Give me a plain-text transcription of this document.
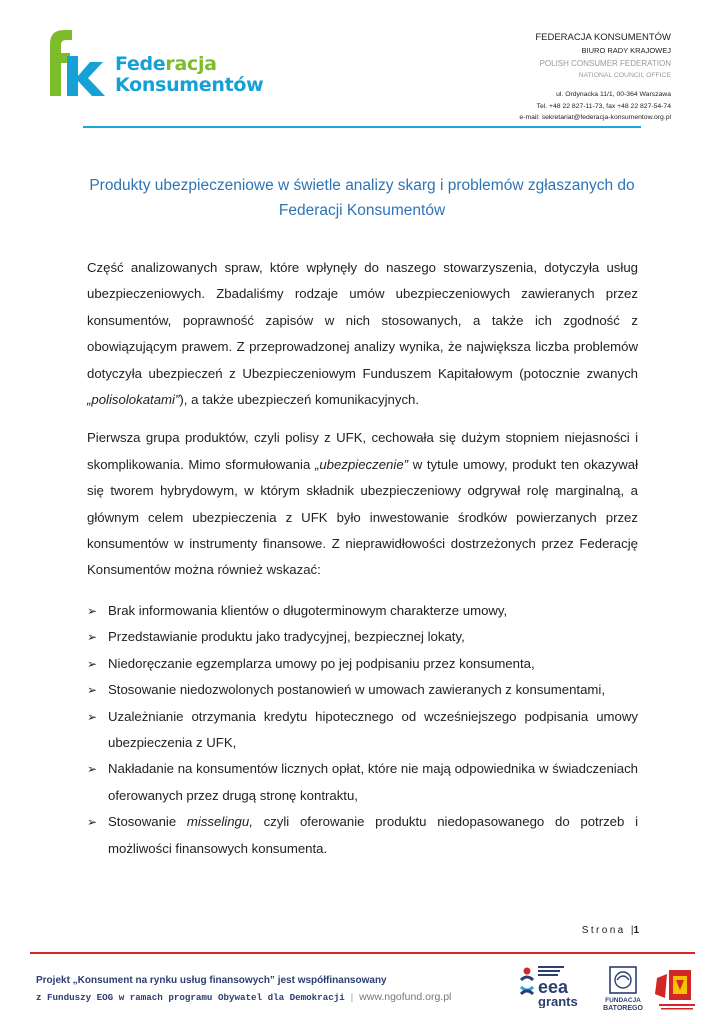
Federacja
Konsumentów
FEDERACJA KONSUMENTÓW
BIURO RADY KRAJOWEJ
POLISH CONSUMER FEDERATION
NATIONAL COUNCIL OFFICE
ul. Ordynacka 11/1, 00-364 Warszawa
Tel. +48 22 827-11-73, fax +48 22 827-54-74
e-mail: sekretariat@federacja-konsumentow.org.pl
Produkty ubezpieczeniowe w świetle analizy skarg i problemów zgłaszanych do Federacji Konsumentów

Część analizowanych spraw, które wpłynęły do naszego stowarzyszenia, dotyczyła usług ubezpieczeniowych. Zbadaliśmy rodzaje umów ubezpieczeniowych zawieranych przez konsumentów, poprawność zapisów w nich stosowanych, a także ich zgodność z obowiązującym prawem. Z przeprowadzonej analizy wynika, że największa liczba problemów dotyczyła ubezpieczeń z Ubezpieczeniowym Funduszem Kapitałowym (potocznie zwanych „polisolokatami”), a także ubezpieczeń komunikacyjnych.

Pierwsza grupa produktów, czyli polisy z UFK, cechowała się dużym stopniem niejasności i skomplikowania. Mimo sformułowania „ubezpieczenie” w tytule umowy, produkt ten okazywał się tworem hybrydowym, w którym składnik ubezpieczeniowy odgrywał rolę marginalną, a głównym celem ubezpieczenia z UFK było inwestowanie środków powierzanych przez konsumentów w instrumenty finansowe. Z nieprawidłowości dostrzeżonych przez Federację Konsumentów można również wskazać:

➢ Brak informowania klientów o długoterminowym charakterze umowy,
➢ Przedstawianie produktu jako tradycyjnej, bezpiecznej lokaty,
➢ Niedoręczanie egzemplarza umowy po jej podpisaniu przez konsumenta,
➢ Stosowanie niedozwolonych postanowień w umowach zawieranych z konsumentami,
➢ Uzależnianie otrzymania kredytu hipotecznego od wcześniejszego podpisania umowy ubezpieczenia z UFK,
➢ Nakładanie na konsumentów licznych opłat, które nie mają odpowiednika w świadczeniach oferowanych przez drugą stronę kontraktu,
➢ Stosowanie misselingu, czyli oferowanie produktu niedopasowanego do potrzeb i możliwości finansowych konsumenta.
Strona |1
Projekt „Konsument na rynku usług finansowych” jest współfinansowany
z Funduszy EOG w ramach programu Obywatel dla Demokracji | www.ngofund.org.pl	eea
grants	FUNDACJA
BATOREGO
